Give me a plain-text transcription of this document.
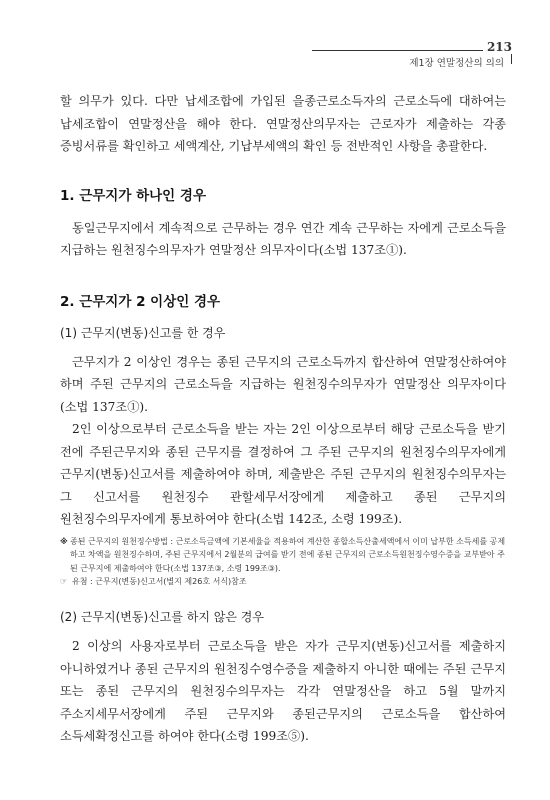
213
제1장 연말정산의 의의

할 의무가 있다. 다만 납세조합에 가입된 을종근로소득자의 근로소득에 대하여는 납세조합이 연말정산을 해야 한다. 연말정산의무자는 근로자가 제출하는 각종 증빙서류를 확인하고 세액계산, 기납부세액의 확인 등 전반적인 사항을 총괄한다.

1. 근무지가 하나인 경우

동일근무지에서 계속적으로 근무하는 경우 연간 계속 근무하는 자에게 근로소득을 지급하는 원천징수의무자가 연말정산 의무자이다(소법 137조①).

2. 근무지가 2 이상인 경우
(1) 근무지(변동)신고를 한 경우

근무지가 2 이상인 경우는 종된 근무지의 근로소득까지 합산하여 연말정산하여야 하며 주된 근무지의 근로소득을 지급하는 원천징수의무자가 연말정산 의무자이다(소법 137조①).

2인 이상으로부터 근로소득을 받는 자는 2인 이상으로부터 해당 근로소득을 받기 전에 주된근무지와 종된 근무지를 결정하여 그 주된 근무지의 원천징수의무자에게 근무지(변동)신고서를 제출하여야 하며, 제출받은 주된 근무지의 원천징수의무자는 그 신고서를 원천징수 관할세무서장에게 제출하고 종된 근무지의 원천징수의무자에게 통보하여야 한다(소법 142조, 소령 199조).

※ 종된 근무지의 원천징수방법 : 근로소득금액에 기본세율을 적용하여 계산한 종합소득산출세액에서 이미 납부한 소득세를 공제하고 차액을 원천징수하며, 주된 근무지에서 2월분의 급여를 받기 전에 종된 근무지의 근로소득원천징수영수증을 교부받아 주된 근무지에 제출하여야 한다(소법 137조③, 소령 199조③).
☞ 유첨 : 근무지(변동)신고서(별지 제26호 서식)참조
(2) 근무지(변동)신고를 하지 않은 경우

2 이상의 사용자로부터 근로소득을 받은 자가 근무지(변동)신고서를 제출하지 아니하였거나 종된 근무지의 원천징수영수증을 제출하지 아니한 때에는 주된 근무지 또는 종된 근무지의 원천징수의무자는 각각 연말정산을 하고 5월 말까지 주소지세무서장에게 주된 근무지와 종된근무지의 근로소득을 합산하여 소득세확정신고를 하여야 한다(소령 199조⑤).
